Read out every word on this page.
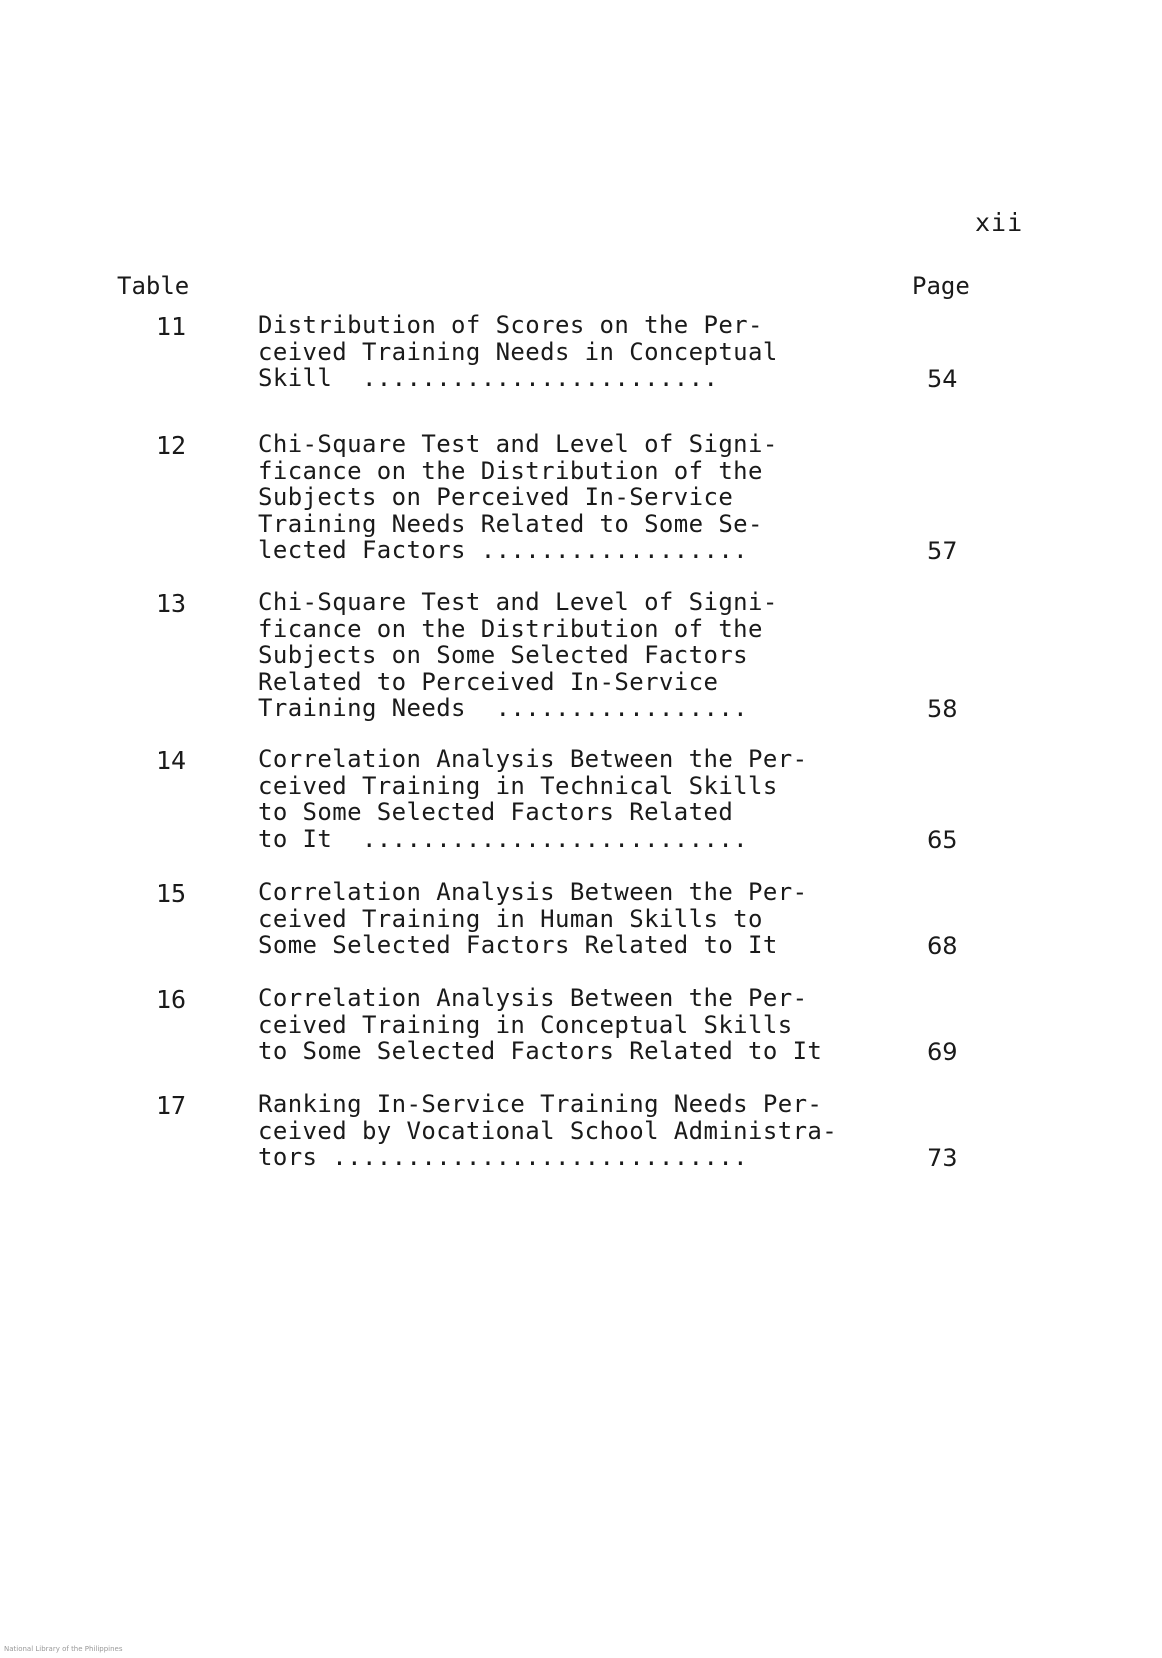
xii
Table	Page
11	Distribution of Scores on the Per-
ceived Training Needs in Conceptual
Skill  ........................	54
12	Chi-Square Test and Level of Signi-
ficance on the Distribution of the
Subjects on Perceived In-Service
Training Needs Related to Some Se-
lected Factors ..................	57
13	Chi-Square Test and Level of Signi-
ficance on the Distribution of the
Subjects on Some Selected Factors
Related to Perceived In-Service
Training Needs  .................	58
14	Correlation Analysis Between the Per-
ceived Training in Technical Skills
to Some Selected Factors Related
to It  ..........................	65
15	Correlation Analysis Between the Per-
ceived Training in Human Skills to
Some Selected Factors Related to It	68
16	Correlation Analysis Between the Per-
ceived Training in Conceptual Skills
to Some Selected Factors Related to It	69
17	Ranking In-Service Training Needs Per-
ceived by Vocational School Administra-
tors ............................	73
National Library of the Philippines
